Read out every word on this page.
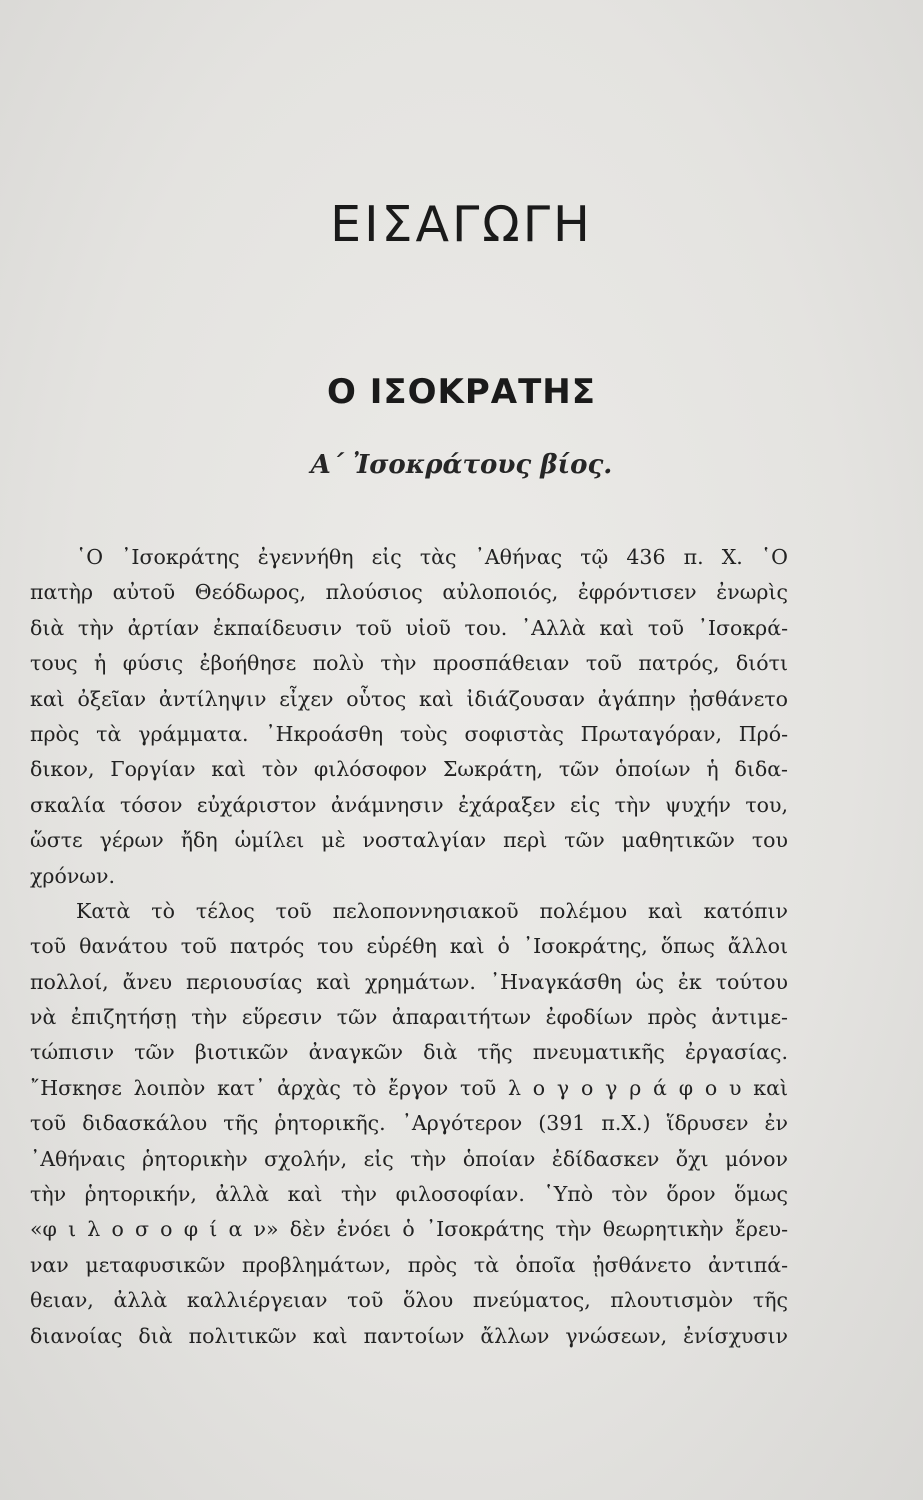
ΕΙΣΑΓΩΓΗ
Ο ΙΣΟΚΡΑΤΗΣ
Α΄ Ἰσοκράτους βίος.
῾Ο ᾿Ισοκράτης ἐγεννήθη εἰς τὰς ᾿Αθήνας τῷ 436 π. Χ. ῾Ο
πατὴρ αὐτοῦ Θεόδωρος, πλούσιος αὐλοποιός, ἐφρόντισεν ἐνωρὶς
διὰ τὴν ἀρτίαν ἐκπαίδευσιν τοῦ υἱοῦ του. ᾿Αλλὰ καὶ τοῦ ᾿Ισοκρά-
τους ἡ φύσις ἐβοήθησε πολὺ τὴν προσπάθειαν τοῦ πατρός, διότι
καὶ ὀξεῖαν ἀντίληψιν εἶχεν οὗτος καὶ ἰδιάζουσαν ἀγάπην ᾐσθάνετο
πρὸς τὰ γράμματα. ᾿Ηκροάσθη τοὺς σοφιστὰς Πρωταγόραν, Πρό-
δικον, Γοργίαν καὶ τὸν φιλόσοφον Σωκράτη, τῶν ὁποίων ἡ διδα-
σκαλία τόσον εὐχάριστον ἀνάμνησιν ἐχάραξεν εἰς τὴν ψυχήν του,
ὥστε γέρων ἤδη ὡμίλει μὲ νοσταλγίαν περὶ τῶν μαθητικῶν του
χρόνων.
Κατὰ τὸ τέλος τοῦ πελοποννησιακοῦ πολέμου καὶ κατόπιν
τοῦ θανάτου τοῦ πατρός του εὑρέθη καὶ ὁ ᾿Ισοκράτης, ὅπως ἄλλοι
πολλοί, ἄνευ περιουσίας καὶ χρημάτων. ᾿Ηναγκάσθη ὡς ἐκ τούτου
νὰ ἐπιζητήσῃ τὴν εὕρεσιν τῶν ἀπαραιτήτων ἐφοδίων πρὸς ἀντιμε-
τώπισιν τῶν βιοτικῶν ἀναγκῶν διὰ τῆς πνευματικῆς ἐργασίας.
῎Ησκησε λοιπὸν κατ᾿ ἀρχὰς τὸ ἔργον τοῦ λ ο γ ο γ ρ ά φ ο υ καὶ
τοῦ διδασκάλου τῆς ῥητορικῆς. ᾿Αργότερον (391 π.Χ.) ἵδρυσεν ἐν
᾿Αθήναις ῥητορικὴν σχολήν, εἰς τὴν ὁποίαν ἐδίδασκεν ὄχι μόνον
τὴν ῥητορικήν, ἀλλὰ καὶ τὴν φιλοσοφίαν. ῾Υπὸ τὸν ὅρον ὅμως
«φ ι λ ο σ ο φ ί α ν» δὲν ἐνόει ὁ ᾿Ισοκράτης τὴν θεωρητικὴν ἔρευ-
ναν μεταφυσικῶν προβλημάτων, πρὸς τὰ ὁποῖα ᾐσθάνετο ἀντιπά-
θειαν, ἀλλὰ καλλιέργειαν τοῦ ὅλου πνεύματος, πλουτισμὸν τῆς
διανοίας διὰ πολιτικῶν καὶ παντοίων ἄλλων γνώσεων, ἐνίσχυσιν
